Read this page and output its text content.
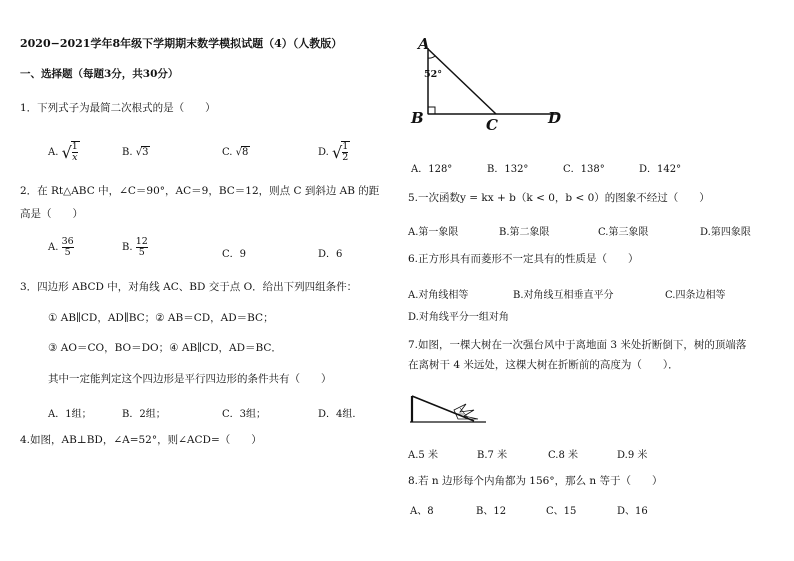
2020−2021学年8年级下学期期末数学模拟试题（4）（人教版）
一、选择题（每题3分，共30分）
1．下列式子为最简二次根式的是（　　）
A. √ $\frac{1}{x}$	B. √3	C. √8	D. √ $\frac{1}{2}$
2．在 Rt△ABC 中，∠C＝90°，AC＝9，BC＝12，则点 C 到斜边 AB 的距
高是（　　）
A. $\frac{36}{5}$	B. $\frac{12}{5}$	C．9	D．6
3．四边形 ABCD 中，对角线 AC、BD 交于点 O．给出下列四组条件：
① AB∥CD，AD∥BC；② AB＝CD，AD＝BC；
③ AO＝CO，BO＝DO；④ AB∥CD，AD＝BC．
其中一定能判定这个四边形是平行四边形的条件共有（　　）
A．1组；	B．2组；	C．3组；	D．4组．
4.如图，AB⊥BD，∠A=52°，则∠ACD=（　　）
A
52°
B	C	D
A．128°	B．132°	C．138°	D．142°
5.一次函数y = kx + b（k < 0，b < 0）的图象不经过（　　）
A.第一象限	B.第二象限	C.第三象限	D.第四象限
6.正方形具有而菱形不一定具有的性质是（　　）
A.对角线相等	B.对角线互相垂直平分	C.四条边相等
D.对角线平分一组对角
7.如图，一棵大树在一次强台风中于离地面 3 米处折断倒下，树的顶端落
在离树干 4 米远处，这棵大树在折断前的高度为（　　）．
A.5 米	B.7 米	C.8 米	D.9 米
8.若 n 边形每个内角都为 156°，那么 n 等于（　　）
A、8	B、12	C、15	D、16
